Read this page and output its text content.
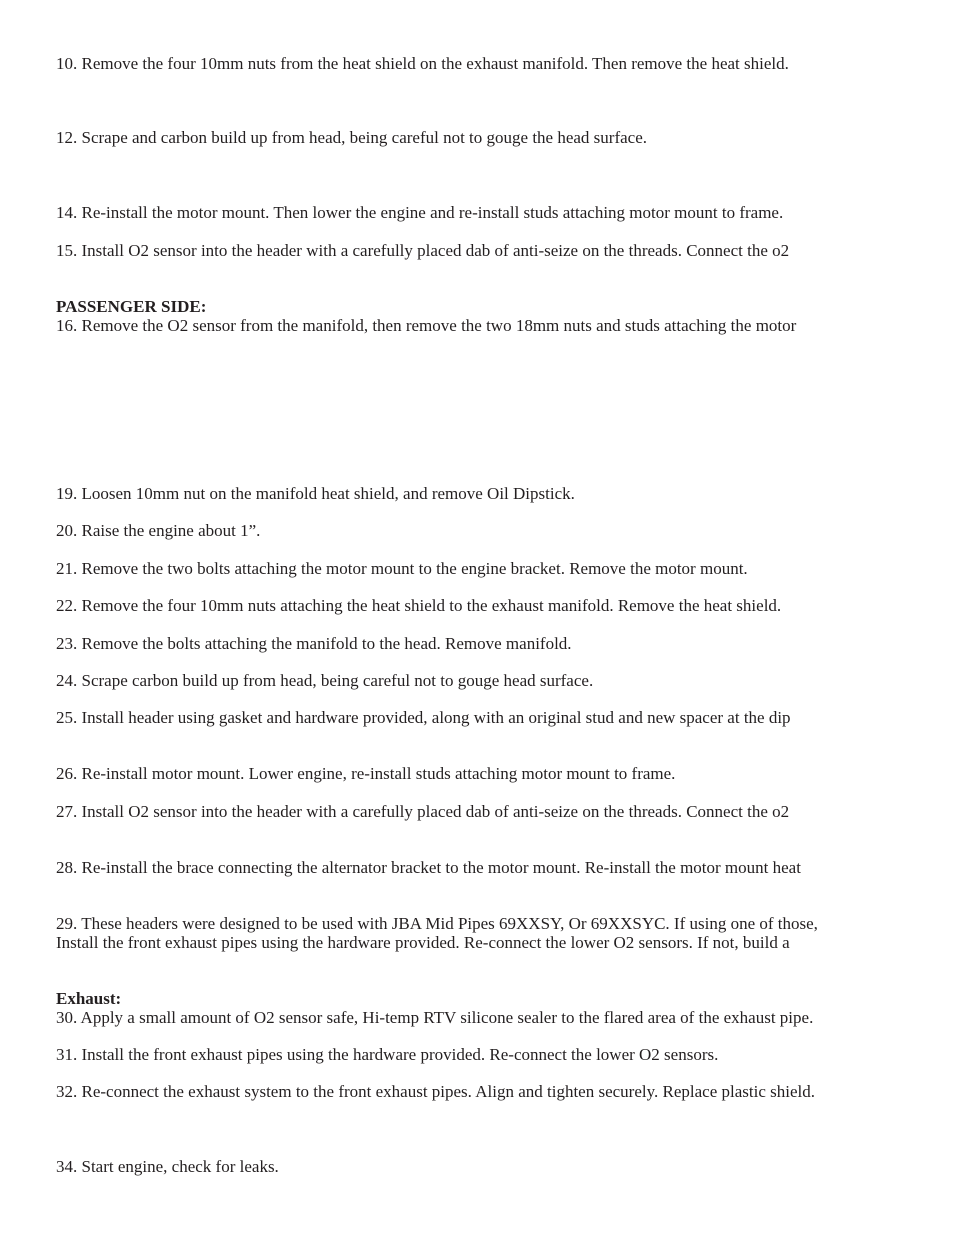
10. Remove the four 10mm nuts from the heat shield on the exhaust manifold. Then remove the heat shield.
12. Scrape and carbon build up from head, being careful not to gouge the head surface.
14. Re-install the motor mount. Then lower the engine and re-install studs attaching motor mount to frame.
15. Install O2 sensor into the header with a carefully placed dab of anti-seize on the threads. Connect the o2
PASSENGER SIDE:
16. Remove the O2 sensor from the manifold, then remove the two 18mm nuts and studs attaching the motor
19. Loosen 10mm nut on the manifold heat shield, and remove Oil Dipstick.
20. Raise the engine about 1”.
21. Remove the two bolts attaching the motor mount to the engine bracket. Remove the motor mount.
22. Remove the four 10mm nuts attaching the heat shield to the exhaust manifold. Remove the heat shield.
23. Remove the bolts attaching the manifold to the head. Remove manifold.
24. Scrape carbon build up from head, being careful not to gouge head surface.
25. Install header using gasket and hardware provided, along with an original stud and new spacer at the dip
26. Re-install motor mount. Lower engine, re-install studs attaching motor mount to frame.
27. Install O2 sensor into the header with a carefully placed dab of anti-seize on the threads. Connect the o2
28. Re-install the brace connecting the alternator bracket to the motor mount. Re-install the motor mount heat
29. These headers were designed to be used with JBA Mid Pipes 69XXSY, Or 69XXSYC. If using one of those,
Install the front exhaust pipes using the hardware provided. Re-connect the lower O2 sensors. If not, build a
Exhaust:
30. Apply a small amount of O2 sensor safe, Hi-temp RTV silicone sealer to the flared area of the exhaust pipe.
31. Install the front exhaust pipes using the hardware provided. Re-connect the lower O2 sensors.
32. Re-connect the exhaust system to the front exhaust pipes. Align and tighten securely. Replace plastic shield.
34. Start engine, check for leaks.
